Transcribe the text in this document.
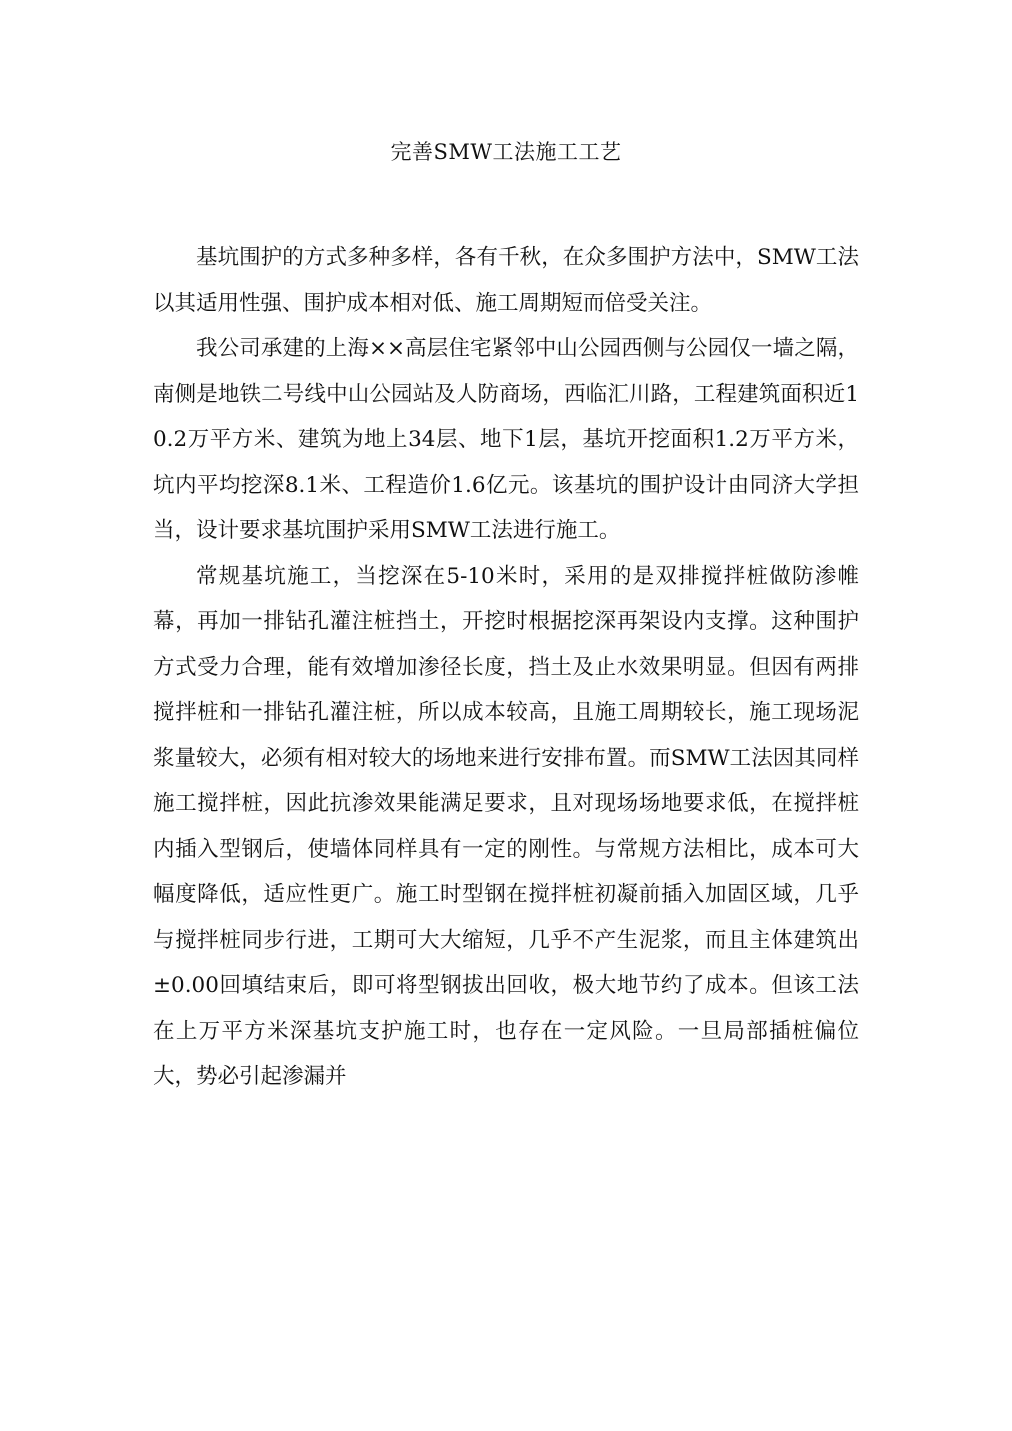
完善SMW工法施工工艺

基坑围护的方式多种多样，各有千秋，在众多围护方法中，SMW工法以其适用性强、围护成本相对低、施工周期短而倍受关注。

我公司承建的上海××高层住宅紧邻中山公园西侧与公园仅一墙之隔，南侧是地铁二号线中山公园站及人防商场，西临汇川路，工程建筑面积近10.2万平方米、建筑为地上34层、地下1层，基坑开挖面积1.2万平方米，坑内平均挖深8.1米、工程造价1.6亿元。该基坑的围护设计由同济大学担当，设计要求基坑围护采用SMW工法进行施工。

常规基坑施工，当挖深在5-10米时，采用的是双排搅拌桩做防渗帷幕，再加一排钻孔灌注桩挡土，开挖时根据挖深再架设内支撑。这种围护方式受力合理，能有效增加渗径长度，挡土及止水效果明显。但因有两排搅拌桩和一排钻孔灌注桩，所以成本较高，且施工周期较长，施工现场泥浆量较大，必须有相对较大的场地来进行安排布置。而SMW工法因其同样施工搅拌桩，因此抗渗效果能满足要求，且对现场场地要求低，在搅拌桩内插入型钢后，使墙体同样具有一定的刚性。与常规方法相比，成本可大幅度降低，适应性更广。施工时型钢在搅拌桩初凝前插入加固区域，几乎与搅拌桩同步行进，工期可大大缩短，几乎不产生泥浆，而且主体建筑出±0.00回填结束后，即可将型钢拔出回收，极大地节约了成本。但该工法在上万平方米深基坑支护施工时，也存在一定风险。一旦局部插桩偏位大，势必引起渗漏并
